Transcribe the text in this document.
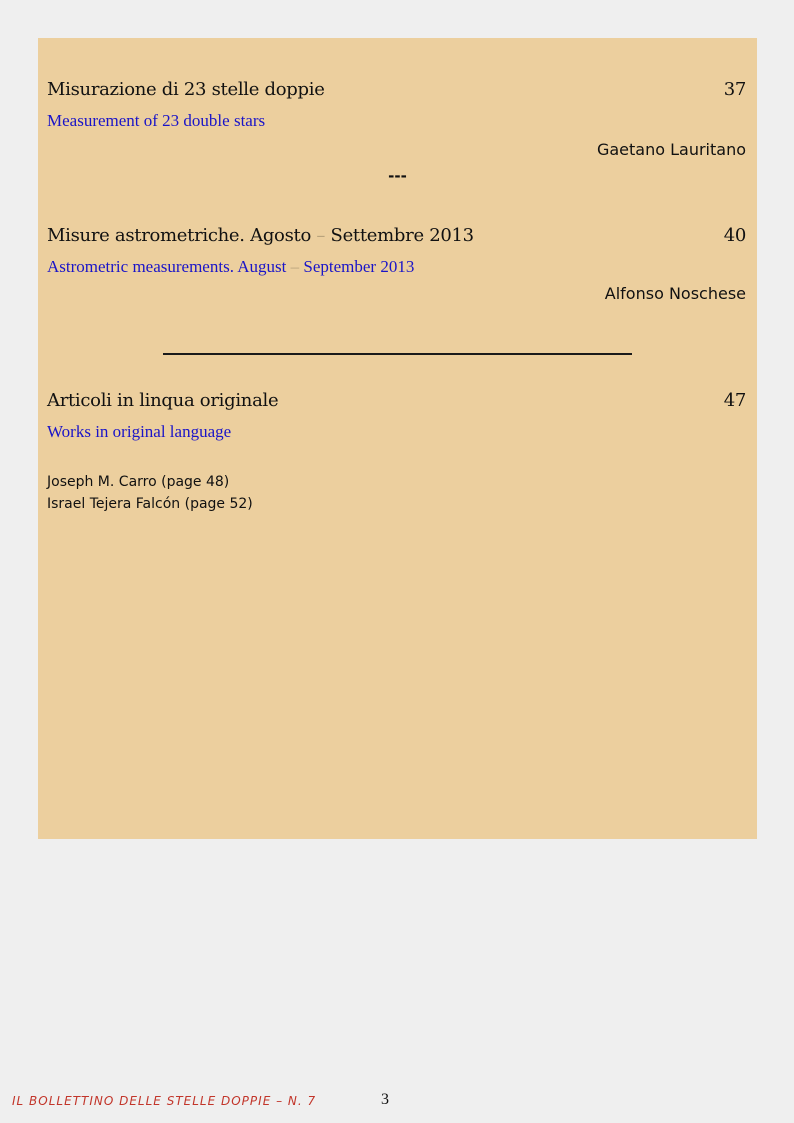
Misurazione di 23 stelle doppie	37
Measurement of 23 double stars
Gaetano Lauritano
---
Misure astrometriche. Agosto – Settembre 2013	40
Astrometric measurements. August – September 2013
Alfonso Noschese
Articoli in linqua originale	47
Works in original language
Joseph M. Carro (page 48)
Israel Tejera Falcón (page 52)
IL BOLLETTINO DELLE STELLE DOPPIE – N. 7	3
